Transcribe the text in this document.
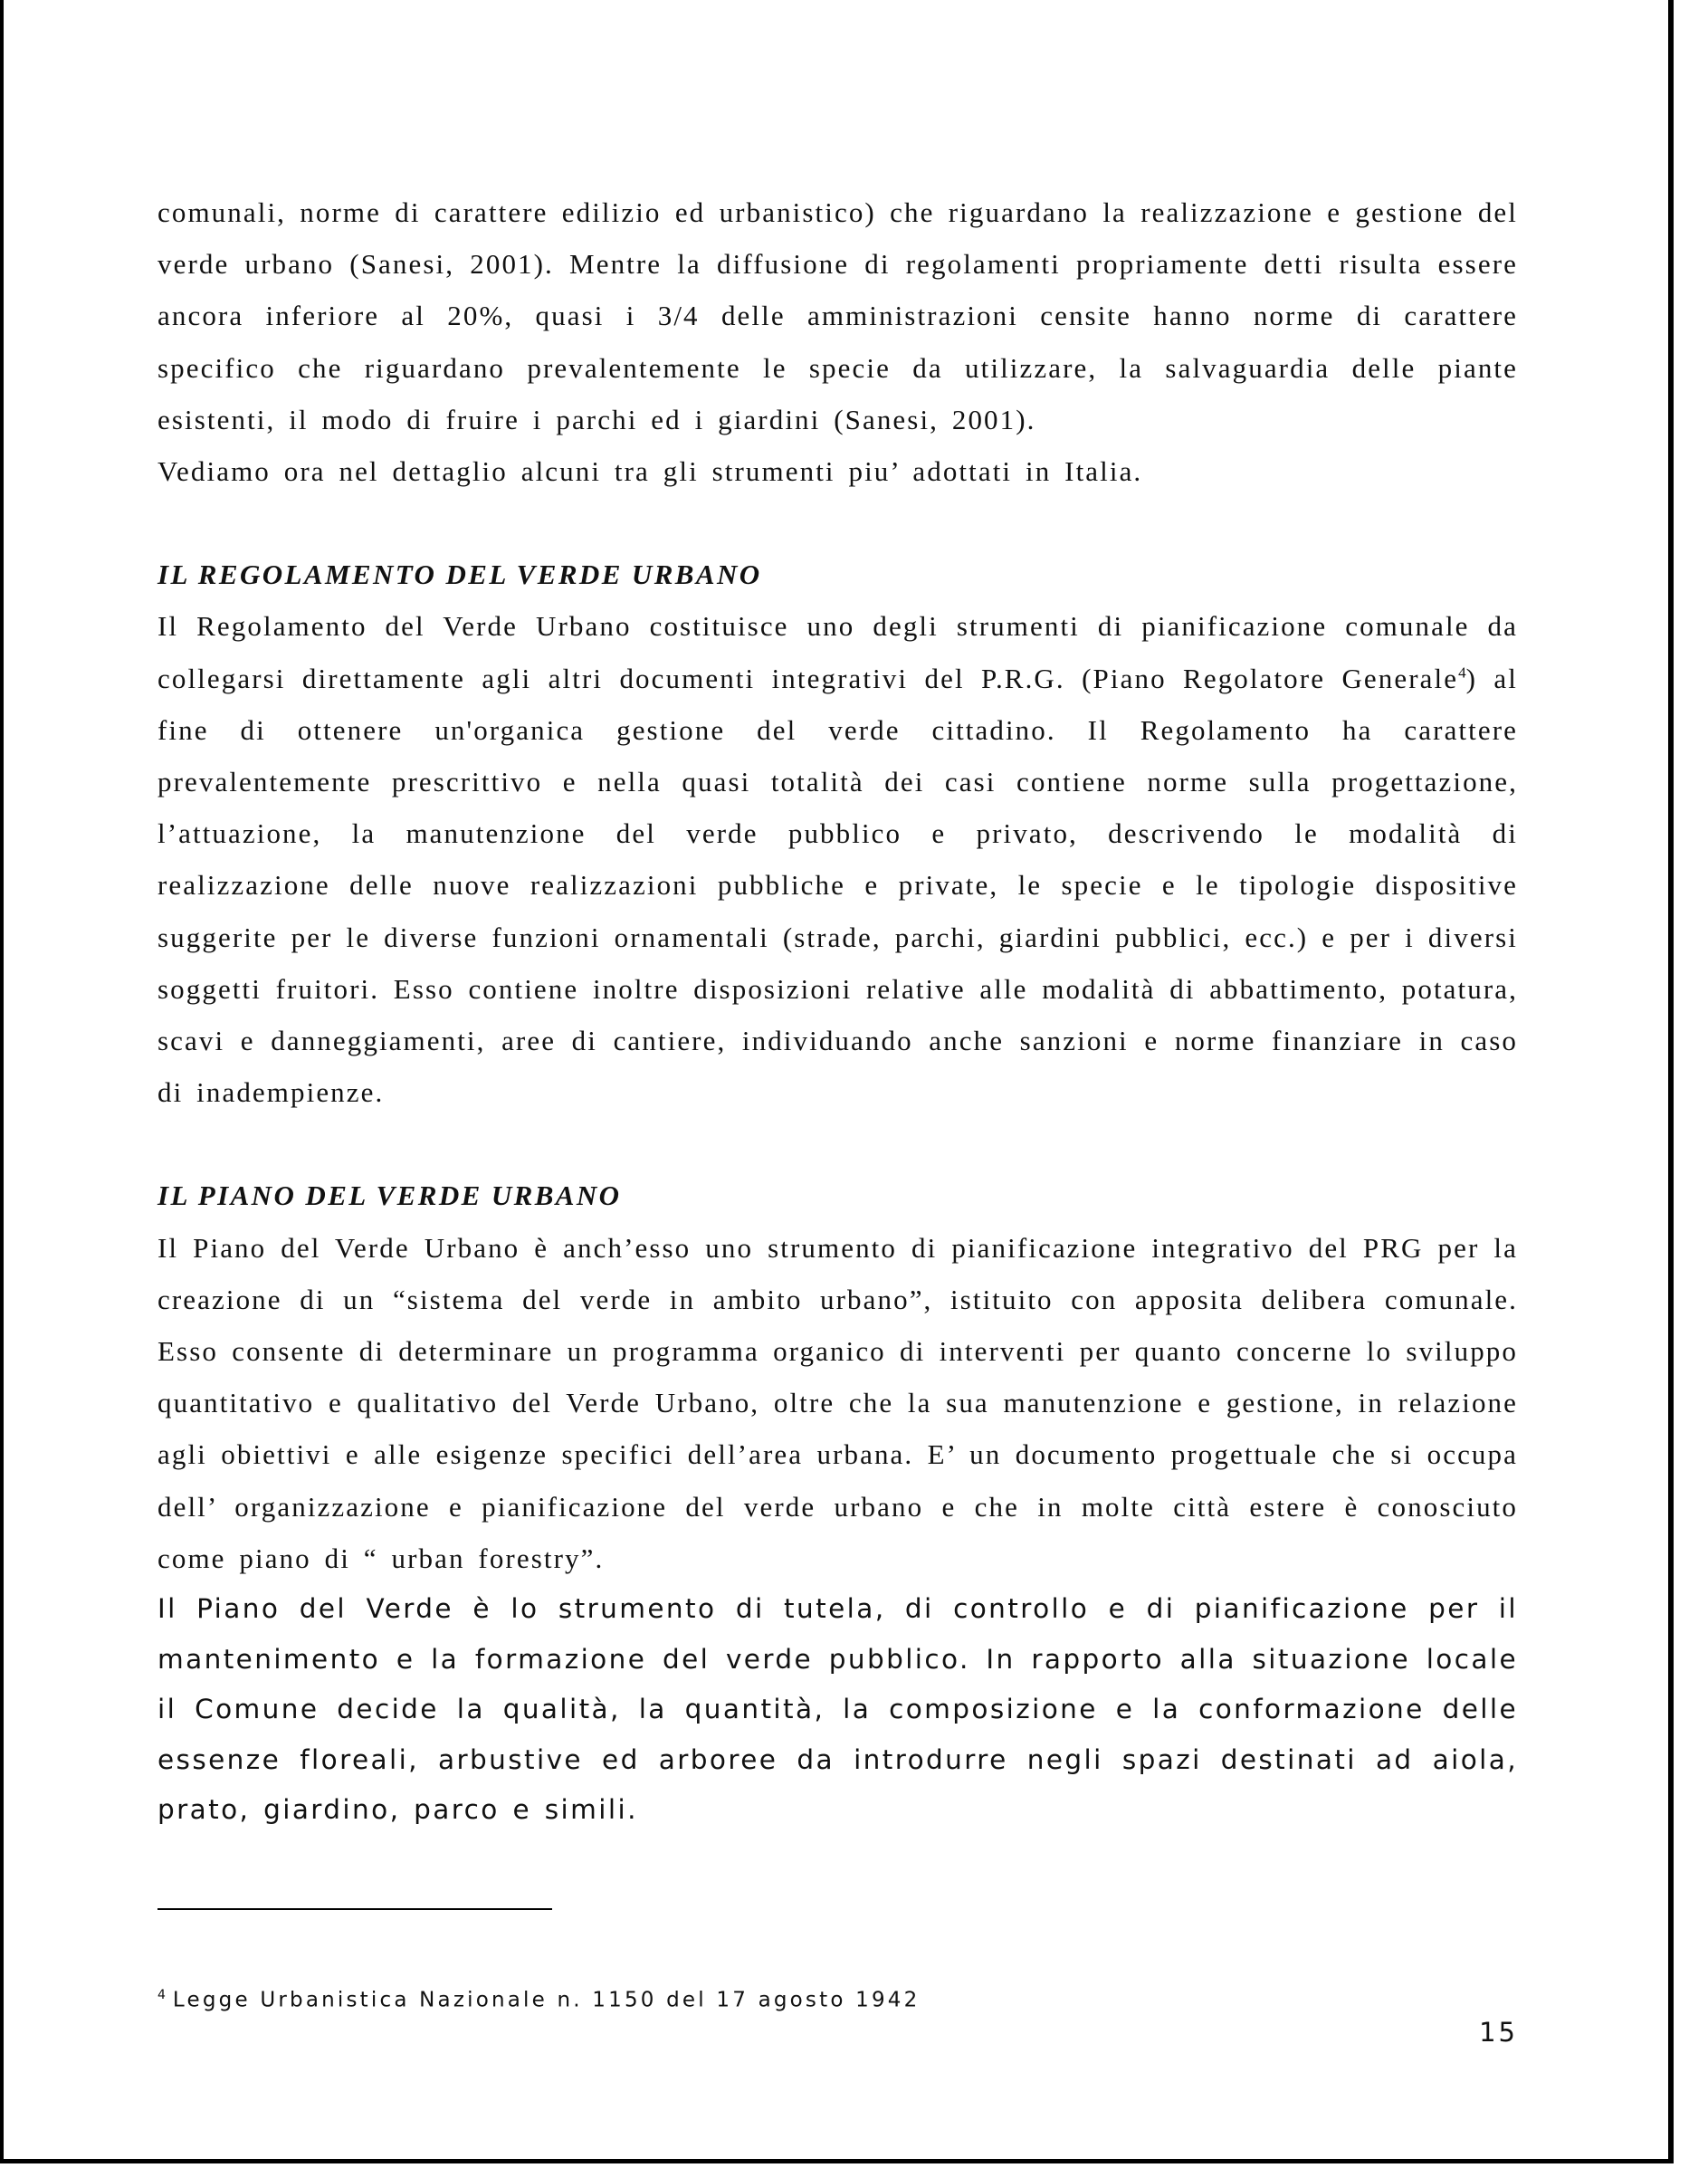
comunali, norme di carattere edilizio ed urbanistico) che riguardano la realizzazione e gestione del verde urbano (Sanesi, 2001). Mentre la diffusione di regolamenti propriamente detti risulta essere ancora inferiore al 20%, quasi i 3/4 delle amministrazioni censite hanno norme di carattere specifico che riguardano prevalentemente le specie da utilizzare, la salvaguardia delle piante esistenti, il modo di fruire i parchi ed i giardini (Sanesi, 2001).

Vediamo ora nel dettaglio alcuni tra gli strumenti piu’ adottati in Italia.

IL REGOLAMENTO DEL VERDE URBANO

Il Regolamento del Verde Urbano costituisce uno degli strumenti di pianificazione comunale da collegarsi direttamente agli altri documenti integrativi del P.R.G. (Piano Regolatore Generale$^4$) al fine di ottenere un'organica gestione del verde cittadino. Il Regolamento ha carattere prevalentemente prescrittivo e nella quasi totalità dei casi contiene norme sulla progettazione, l’attuazione, la manutenzione del verde pubblico e privato, descrivendo le modalità di realizzazione delle nuove realizzazioni pubbliche e private, le specie e le tipologie dispositive suggerite per le diverse funzioni ornamentali (strade, parchi, giardini pubblici, ecc.) e per i diversi soggetti fruitori. Esso contiene inoltre disposizioni relative alle modalità di abbattimento, potatura, scavi e danneggiamenti, aree di cantiere, individuando anche sanzioni e norme finanziare in caso di inadempienze.

IL PIANO DEL VERDE URBANO

Il Piano del Verde Urbano è anch’esso uno strumento di pianificazione integrativo del PRG per la creazione di un “sistema del verde in ambito urbano”, istituito con apposita delibera comunale. Esso consente di determinare un programma organico di interventi per quanto concerne lo sviluppo quantitativo e qualitativo del Verde Urbano, oltre che la sua manutenzione e gestione, in relazione agli obiettivi e alle esigenze specifici dell’area urbana. E’ un documento progettuale che si occupa dell’ organizzazione e pianificazione del verde urbano e che in molte città estere è conosciuto come piano di “ urban forestry”.

Il Piano del Verde è lo strumento di tutela, di controllo e di pianificazione per il mantenimento e la formazione del verde pubblico. In rapporto alla situazione locale il Comune decide la qualità, la quantità, la composizione e la conformazione delle essenze floreali, arbustive ed arboree da introdurre negli spazi destinati ad aiola, prato, giardino, parco e simili.

$^4$ Legge Urbanistica Nazionale n. 1150 del 17 agosto 1942
15
